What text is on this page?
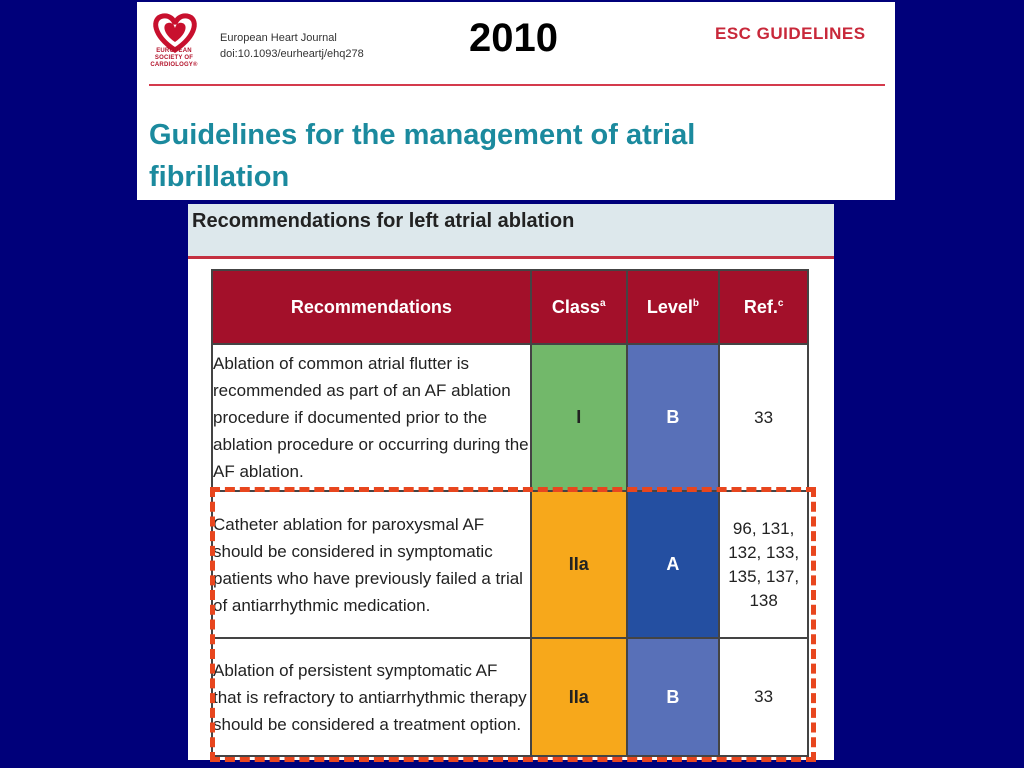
EUROPEAN
SOCIETY OF
CARDIOLOGY®
European Heart Journal
doi:10.1093/eurheartj/ehq278	2010	ESC GUIDELINES
Guidelines for the management of atrial
fibrillation
Recommendations for left atrial ablation
Recommendations	Class$^a$	Level$^b$	Ref.$^c$
Ablation of common atrial flutter is recommended as part of an AF ablation procedure if documented prior to the ablation procedure or occurring during the AF ablation.	I	B	33
Catheter ablation for paroxysmal AF should be considered in symptomatic patients who have previously failed a trial of antiarrhythmic medication.	IIa	A	96, 131, 132, 133, 135, 137, 138
Ablation of persistent symptomatic AF that is refractory to antiarrhythmic therapy should be considered a treatment option.	IIa	B	33
